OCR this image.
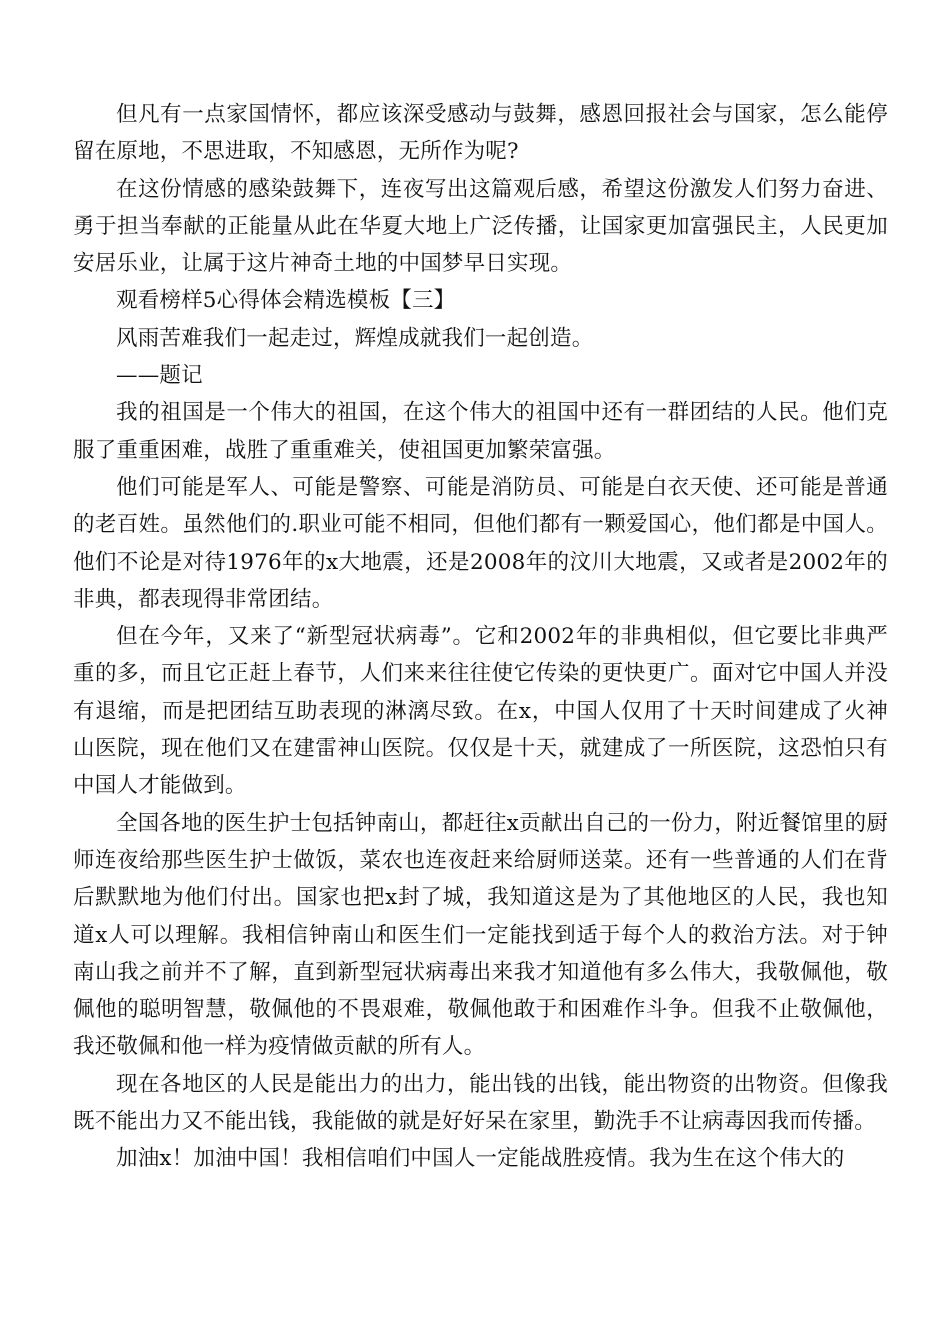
但凡有一点家国情怀，都应该深受感动与鼓舞，感恩回报社会与国家，怎么能停留在原地，不思进取，不知感恩，无所作为呢?

在这份情感的感染鼓舞下，连夜写出这篇观后感，希望这份激发人们努力奋进、勇于担当奉献的正能量从此在华夏大地上广泛传播，让国家更加富强民主，人民更加安居乐业，让属于这片神奇土地的中国梦早日实现。

观看榜样5心得体会精选模板【三】

风雨苦难我们一起走过，辉煌成就我们一起创造。

——题记

我的祖国是一个伟大的祖国，在这个伟大的祖国中还有一群团结的人民。他们克服了重重困难，战胜了重重难关，使祖国更加繁荣富强。

他们可能是军人、可能是警察、可能是消防员、可能是白衣天使、还可能是普通的老百姓。虽然他们的.职业可能不相同，但他们都有一颗爱国心，他们都是中国人。他们不论是对待1976年的x大地震，还是2008年的汶川大地震，又或者是2002年的非典，都表现得非常团结。

但在今年，又来了“新型冠状病毒”。它和2002年的非典相似，但它要比非典严重的多，而且它正赶上春节，人们来来往往使它传染的更快更广。面对它中国人并没有退缩，而是把团结互助表现的淋漓尽致。在x，中国人仅用了十天时间建成了火神山医院，现在他们又在建雷神山医院。仅仅是十天，就建成了一所医院，这恐怕只有中国人才能做到。

全国各地的医生护士包括钟南山，都赶往x贡献出自己的一份力，附近餐馆里的厨师连夜给那些医生护士做饭，菜农也连夜赶来给厨师送菜。还有一些普通的人们在背后默默地为他们付出。国家也把x封了城，我知道这是为了其他地区的人民，我也知道x人可以理解。我相信钟南山和医生们一定能找到适于每个人的救治方法。对于钟南山我之前并不了解，直到新型冠状病毒出来我才知道他有多么伟大，我敬佩他，敬佩他的聪明智慧，敬佩他的不畏艰难，敬佩他敢于和困难作斗争。但我不止敬佩他，我还敬佩和他一样为疫情做贡献的所有人。

现在各地区的人民是能出力的出力，能出钱的出钱，能出物资的出物资。但像我既不能出力又不能出钱，我能做的就是好好呆在家里，勤洗手不让病毒因我而传播。

加油x！加油中国！我相信咱们中国人一定能战胜疫情。我为生在这个伟大的
